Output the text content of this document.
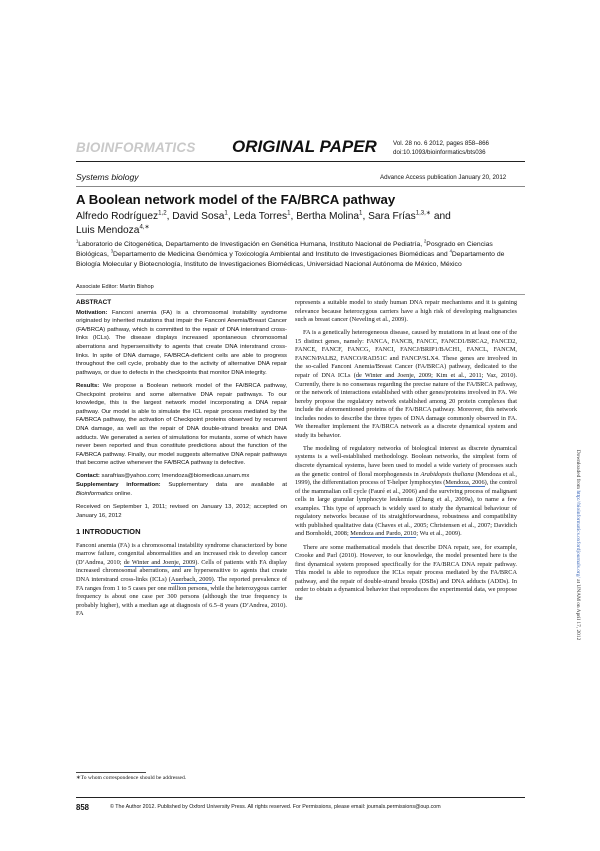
BIOINFORMATICS ORIGINAL PAPER	Vol. 28 no. 6 2012, pages 858–866
doi:10.1093/bioinformatics/bts036
Systems biology	Advance Access publication January 20, 2012
A Boolean network model of the FA/BRCA pathway
Alfredo Rodríguez$^{1,2}$, David Sosa$^1$, Leda Torres$^1$, Bertha Molina$^1$, Sara Frías$^{1,3,∗}$ and
Luis Mendoza$^{4,∗}$
$^1$Laboratorio de Citogenética, Departamento de Investigación en Genética Humana, Instituto Nacional de Pediatría, $^2$Posgrado en Ciencias Biológicas, $^3$Departamento de Medicina Genómica y Toxicología Ambiental and Instituto de Investigaciones Biomédicas and $^4$Departamento de Biología Molecular y Biotecnología, Instituto de Investigaciones Biomédicas, Universidad Nacional Autónoma de México, México
Associate Editor: Martin Bishop
ABSTRACT

Motivation: Fanconi anemia (FA) is a chromosomal instability syndrome originated by inherited mutations that impair the Fanconi Anemia/Breast Cancer (FA/BRCA) pathway, which is committed to the repair of DNA interstrand cross-links (ICLs). The disease displays increased spontaneous chromosomal aberrations and hypersensitivity to agents that create DNA interstrand cross-links. In spite of DNA damage, FA/BRCA-deficient cells are able to progress throughout the cell cycle, probably due to the activity of alternative DNA repair pathways, or due to defects in the checkpoints that monitor DNA integrity.

Results: We propose a Boolean network model of the FA/BRCA pathway, Checkpoint proteins and some alternative DNA repair pathways. To our knowledge, this is the largest network model incorporating a DNA repair pathway. Our model is able to simulate the ICL repair process mediated by the FA/BRCA pathway, the activation of Checkpoint proteins observed by recurrent DNA damage, as well as the repair of DNA double-strand breaks and DNA adducts. We generated a series of simulations for mutants, some of which have never been reported and thus constitute predictions about the function of the FA/BRCA pathway. Finally, our model suggests alternative DNA repair pathways that become active whenever the FA/BRCA pathway is defective.

Contact: sarafrias@yahoo.com; lmendoza@biomedicas.unam.mx
Supplementary information: Supplementary data are available at Bioinformatics online.
Received on September 1, 2011; revised on January 13, 2012; accepted on January 16, 2012
1 INTRODUCTION

Fanconi anemia (FA) is a chromosomal instability syndrome characterized by bone marrow failure, congenital abnormalities and an increased risk to develop cancer (D’Andrea, 2010; de Winter and Joenje, 2009). Cells of patients with FA display increased chromosomal aberrations, and are hypersensitive to agents that create DNA interstrand cross-links (ICLs) (Auerbach, 2009). The reported prevalence of FA ranges from 1 to 5 cases per one million persons, while the heterozygous carrier frequency is about one case per 300 persons (although the true frequency is probably higher), with a median age at diagnosis of 6.5–8 years (D’Andrea, 2010). FA

∗To whom correspondence should be addressed.

represents a suitable model to study human DNA repair mechanisms and it is gaining relevance because heterozygous carriers have a high risk of developing malignancies such as breast cancer (Neveling et al., 2009).

FA is a genetically heterogeneous disease, caused by mutations in at least one of the 15 distinct genes, namely: FANCA, FANCB, FANCC, FANCD1/BRCA2, FANCD2, FANCE, FANCF, FANCG, FANCI, FANCJ/BRIP1/BACH1, FANCL, FANCM, FANCN/PALB2, FANCO/RAD51C and FANCP/SLX4. These genes are involved in the so-called Fanconi Anemia/Breast Cancer (FA/BRCA) pathway, dedicated to the repair of DNA ICLs (de Winter and Joenje, 2009; Kim et al., 2011; Vaz, 2010). Currently, there is no consensus regarding the precise nature of the FA/BRCA pathway, or the network of interactions established with other genes/proteins involved in FA. We hereby propose the regulatory network established among 20 protein complexes that include the aforementioned proteins of the FA/BRCA pathway. Moreover, this network includes nodes to describe the three types of DNA damage commonly observed in FA. We thereafter implement the FA/BRCA network as a discrete dynamical system and study its behavior.

The modeling of regulatory networks of biological interest as discrete dynamical systems is a well-established methodology. Boolean networks, the simplest form of discrete dynamical systems, have been used to model a wide variety of processes such as the genetic control of floral morphogenesis in Arabidopsis thaliana (Mendoza et al., 1999), the differentiation process of T-helper lymphocytes (Mendoza, 2006), the control of the mammalian cell cycle (Fauré et al., 2006) and the surviving process of malignant cells in large granular lymphocyte leukemia (Zhang et al., 2009a), to name a few examples. This type of approach is widely used to study the dynamical behaviour of regulatory networks because of its straightforwardness, robustness and compatibility with published qualitative data (Chaves et al., 2005; Christensen et al., 2007; Davidich and Bornholdt, 2008; Mendoza and Pardo, 2010; Wu et al., 2009).

There are some mathematical models that describe DNA repair, see, for example, Crooke and Parl (2010). However, to our knowledge, the model presented here is the first dynamical system proposed specifically for the FA/BRCA DNA repair pathway. This model is able to reproduce the ICLs repair process mediated by the FA/BRCA pathway, and the repair of double-strand breaks (DSBs) and DNA adducts (ADDs). In order to obtain a dynamical behavior that reproduces the experimental data, we propose the

Downloaded from http://bioinformatics.oxfordjournals.org/ at UNAM on April 17, 2012
858	© The Author 2012. Published by Oxford University Press. All rights reserved. For Permissions, please email: journals.permissions@oup.com
